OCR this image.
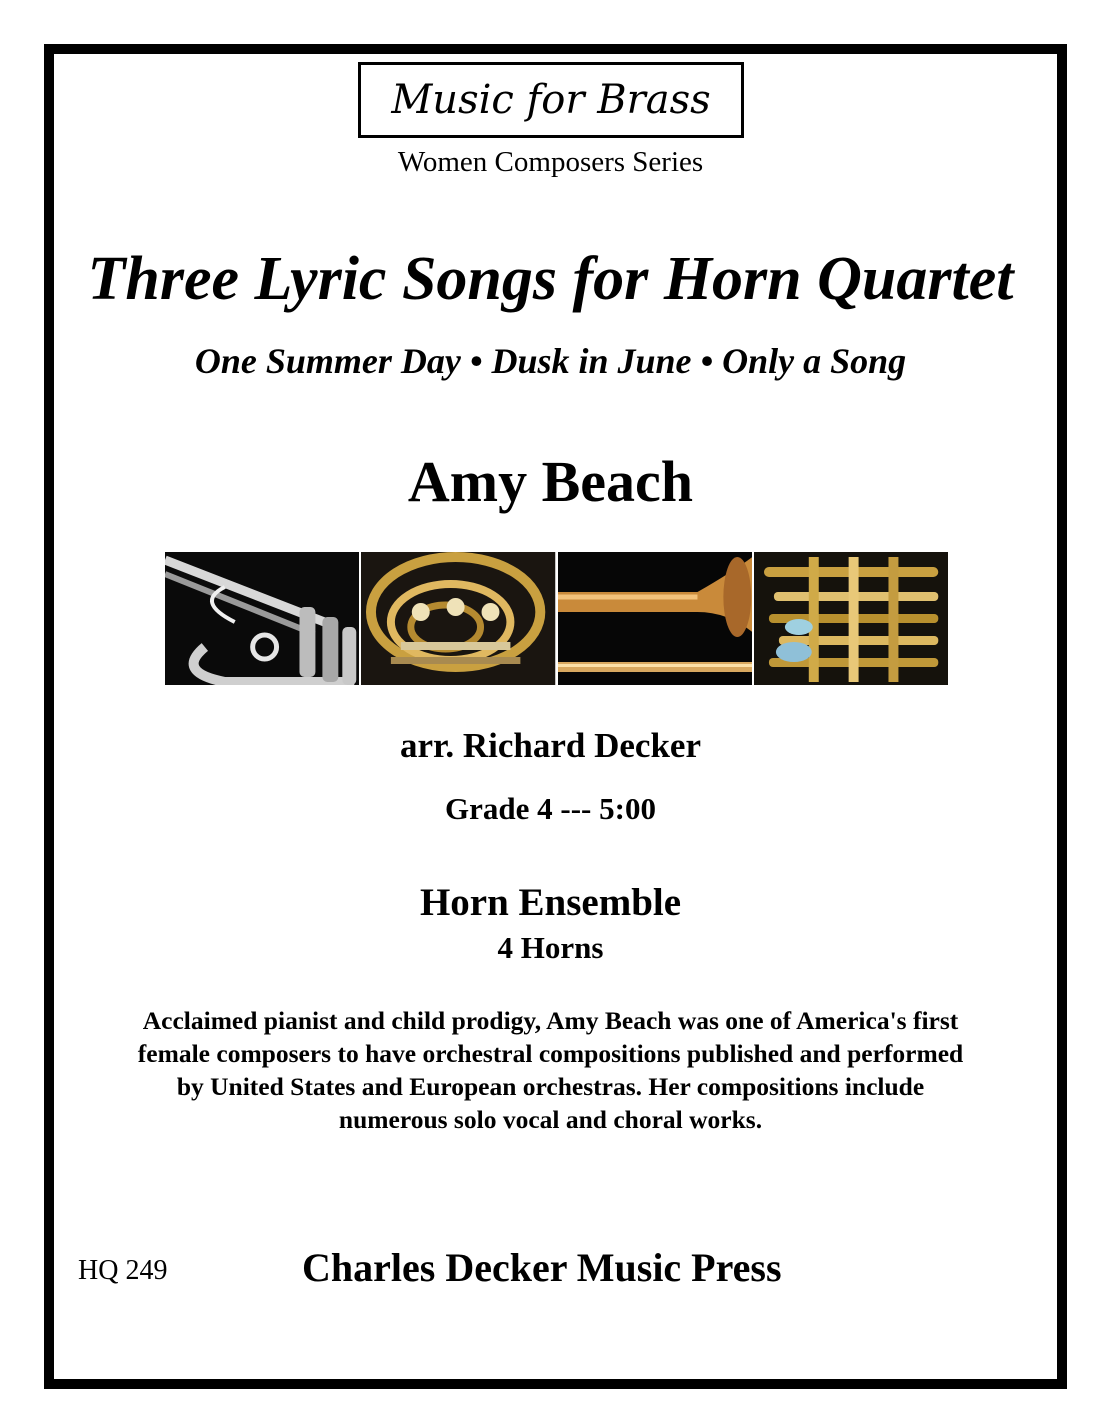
Music for Brass
Women Composers Series
Three Lyric Songs for Horn Quartet
One Summer Day • Dusk in June • Only a Song
Amy Beach
arr. Richard Decker
Grade 4 --- 5:00
Horn Ensemble
4 Horns
Acclaimed pianist and child prodigy, Amy Beach was one of America's first
female composers to have orchestral compositions published and performed
by United States and European orchestras. Her compositions include
numerous solo vocal and choral works.
HQ 249	Charles Decker Music Press
